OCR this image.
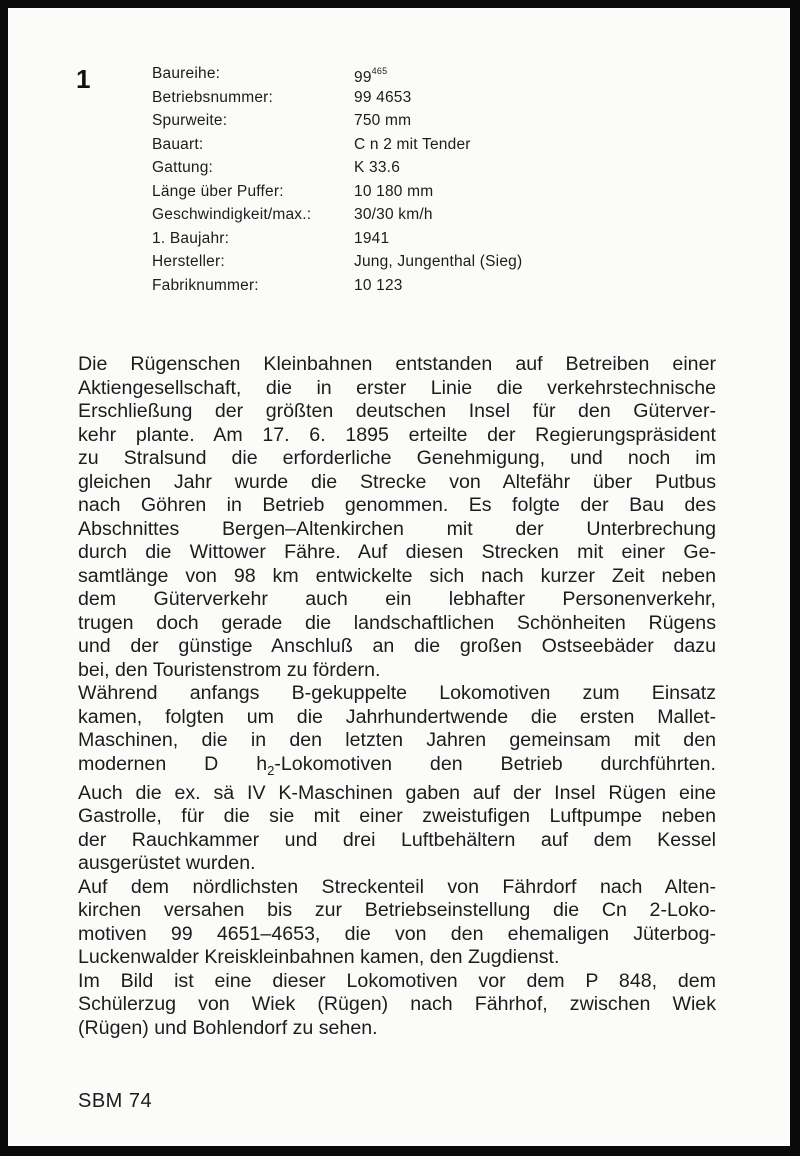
1	Baureihe:	$99^{465}$
Betriebsnummer:	99 4653
Spurweite:	750 mm
Bauart:	C n 2 mit Tender
Gattung:	K 33.6
Länge über Puffer:	10 180 mm
Geschwindigkeit/max.:	30/30 km/h
1. Baujahr:	1941
Hersteller:	Jung, Jungenthal (Sieg)
Fabriknummer:	10 123
Die Rügenschen Kleinbahnen entstanden auf Betreiben einer
Aktiengesellschaft, die in erster Linie die verkehrstechnische
Erschließung der größten deutschen Insel für den Güterver-
kehr plante. Am 17. 6. 1895 erteilte der Regierungspräsident
zu Stralsund die erforderliche Genehmigung, und noch im
gleichen Jahr wurde die Strecke von Altefähr über Putbus
nach Göhren in Betrieb genommen. Es folgte der Bau des
Abschnittes Bergen–Altenkirchen mit der Unterbrechung
durch die Wittower Fähre. Auf diesen Strecken mit einer Ge-
samtlänge von 98 km entwickelte sich nach kurzer Zeit neben
dem Güterverkehr auch ein lebhafter Personenverkehr,
trugen doch gerade die landschaftlichen Schönheiten Rügens
und der günstige Anschluß an die großen Ostseebäder dazu
bei, den Touristenstrom zu fördern.
Während anfangs B-gekuppelte Lokomotiven zum Einsatz
kamen, folgten um die Jahrhundertwende die ersten Mallet-
Maschinen, die in den letzten Jahren gemeinsam mit den
modernen D $h_2$-Lokomotiven den Betrieb durchführten.
Auch die ex. sä IV K-Maschinen gaben auf der Insel Rügen eine
Gastrolle, für die sie mit einer zweistufigen Luftpumpe neben
der Rauchkammer und drei Luftbehältern auf dem Kessel
ausgerüstet wurden.
Auf dem nördlichsten Streckenteil von Fährdorf nach Alten-
kirchen versahen bis zur Betriebseinstellung die Cn 2-Loko-
motiven 99 4651–4653, die von den ehemaligen Jüterbog-
Luckenwalder Kreiskleinbahnen kamen, den Zugdienst.
Im Bild ist eine dieser Lokomotiven vor dem P 848, dem
Schülerzug von Wiek (Rügen) nach Fährhof, zwischen Wiek
(Rügen) und Bohlendorf zu sehen.
SBM 74
